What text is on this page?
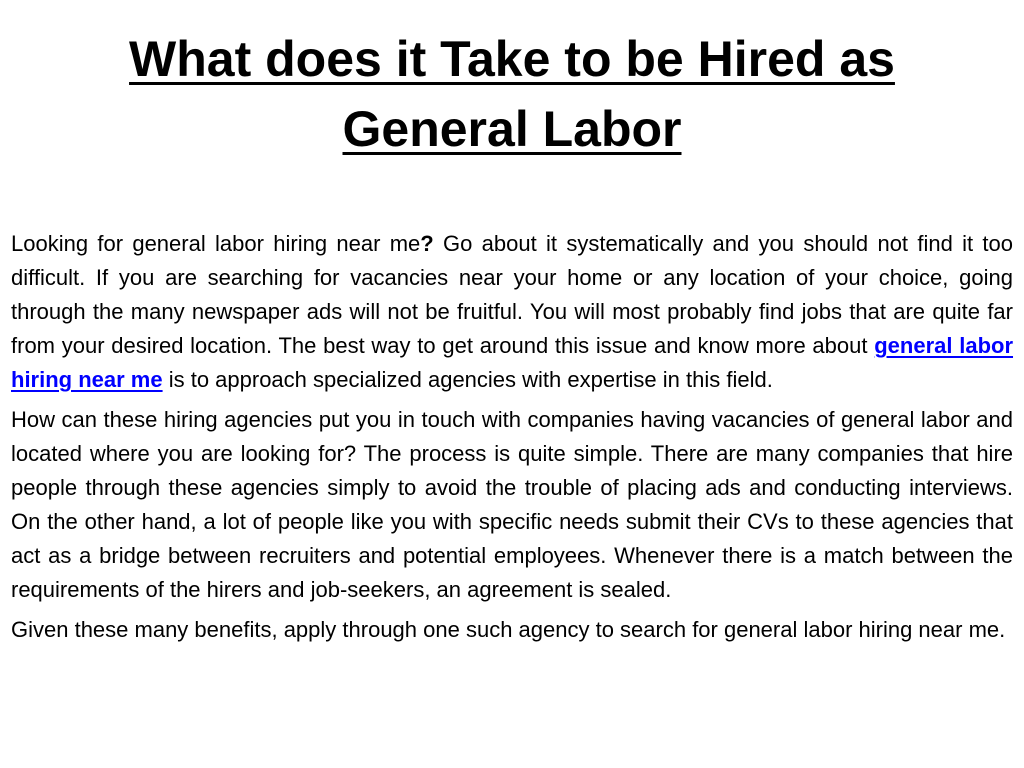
What does it Take to be Hired as
General Labor

Looking for general labor hiring near me? Go about it systematically and you should not find it too difficult. If you are searching for vacancies near your home or any location of your choice, going through the many newspaper ads will not be fruitful. You will most probably find jobs that are quite far from your desired location. The best way to get around this issue and know more about general labor hiring near me is to approach specialized agencies with expertise in this field.

How can these hiring agencies put you in touch with companies having vacancies of general labor and located where you are looking for? The process is quite simple. There are many companies that hire people through these agencies simply to avoid the trouble of placing ads and conducting interviews. On the other hand, a lot of people like you with specific needs submit their CVs to these agencies that act as a bridge between recruiters and potential employees. Whenever there is a match between the requirements of the hirers and job-seekers, an agreement is sealed.

Given these many benefits, apply through one such agency to search for general labor hiring near me.
